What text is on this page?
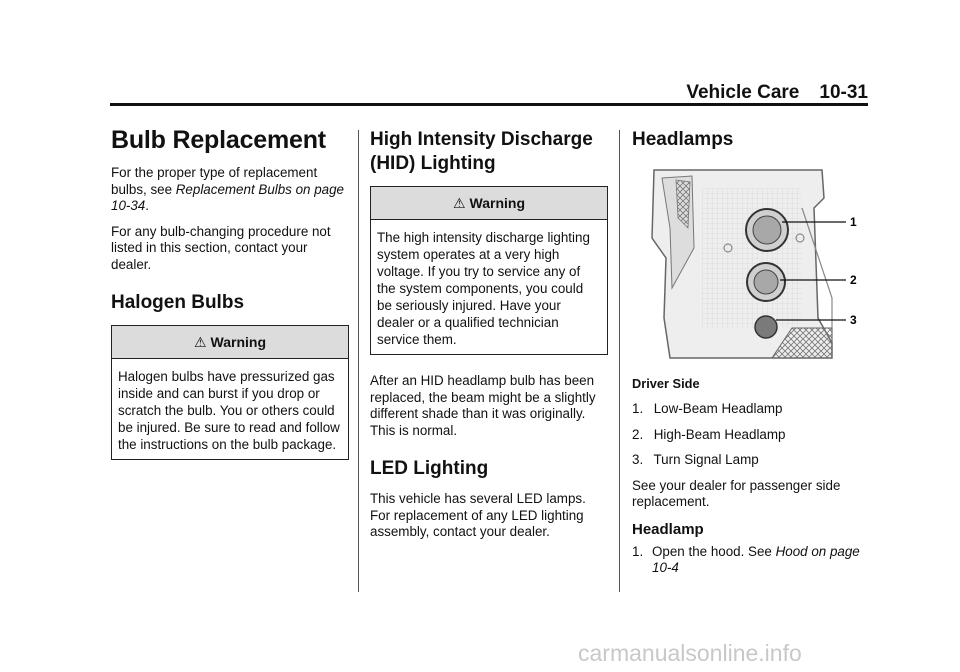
Vehicle Care 10-31
Bulb Replacement

For the proper type of replacement bulbs, see Replacement Bulbs on page 10-34.

For any bulb-changing procedure not listed in this section, contact your dealer.

Halogen Bulbs
⚠ Warning

Halogen bulbs have pressurized gas inside and can burst if you drop or scratch the bulb. You or others could be injured. Be sure to read and follow the instructions on the bulb package.

High Intensity Discharge (HID) Lighting
⚠ Warning

The high intensity discharge lighting system operates at a very high voltage. If you try to service any of the system components, you could be seriously injured. Have your dealer or a qualified technician service them.

After an HID headlamp bulb has been replaced, the beam might be a slightly different shade than it was originally. This is normal.

LED Lighting

This vehicle has several LED lamps. For replacement of any LED lighting assembly, contact your dealer.

Headlamps
1
2
3
Driver Side

1. Low-Beam Headlamp

2. High-Beam Headlamp

3. Turn Signal Lamp

See your dealer for passenger side replacement.

Headlamp
1. Open the hood. See Hood on page 10-4

carmanualsonline.info
